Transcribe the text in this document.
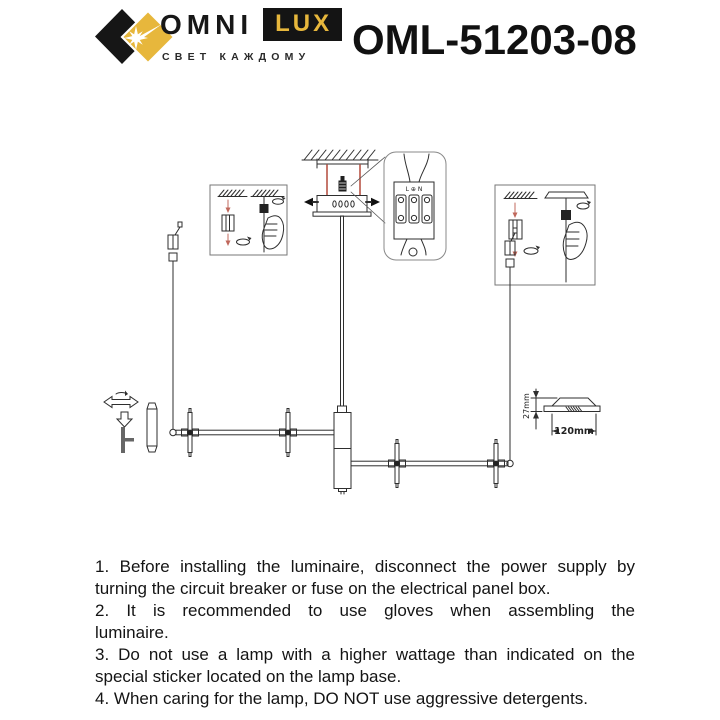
OMNI LUX
СВЕТ КАЖДОМУ OML-51203-08
L ⊕ N
27mm
120mm
1. Before installing the luminaire, disconnect the power supply by
turning the circuit breaker or fuse on the electrical panel box.
2. It is recommended to use gloves when assembling the
luminaire.
3. Do not use a lamp with a higher wattage than indicated on the
special sticker located on the lamp base.
4. When caring for the lamp, DO NOT use aggressive detergents.
